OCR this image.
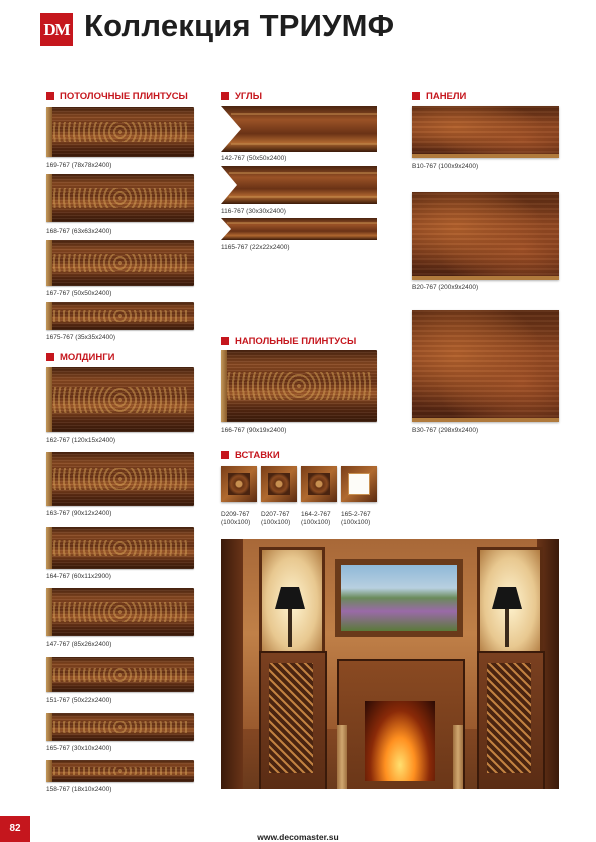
DM Коллекция ТРИУМФ
ПОТОЛОЧНЫЕ ПЛИНТУСЫ
169-767 (78х78х2400)
168-767 (63х63х2400)
167-767 (50х50х2400)
1675-767 (35х35х2400)
МОЛДИНГИ
162-767 (120х15х2400)
163-767 (90х12х2400)
164-767 (60х11х2900)
147-767 (85х26х2400)
151-767 (50х22х2400)
165-767 (30х10х2400)
158-767 (18х10х2400)
УГЛЫ
142-767 (50х50х2400)
116-767 (30х30х2400)
1165-767 (22х22х2400)
НАПОЛЬНЫЕ ПЛИНТУСЫ
166-767 (90х19х2400)
ВСТАВКИ
D209-767
(100х100)
D207-767
(100х100)
164-2-767
(100х100)
165-2-767
(100х100)
ПАНЕЛИ
B10-767 (100х9х2400)
B20-767 (200х9х2400)
B30-767 (298х9х2400)
82
www.decomaster.su
